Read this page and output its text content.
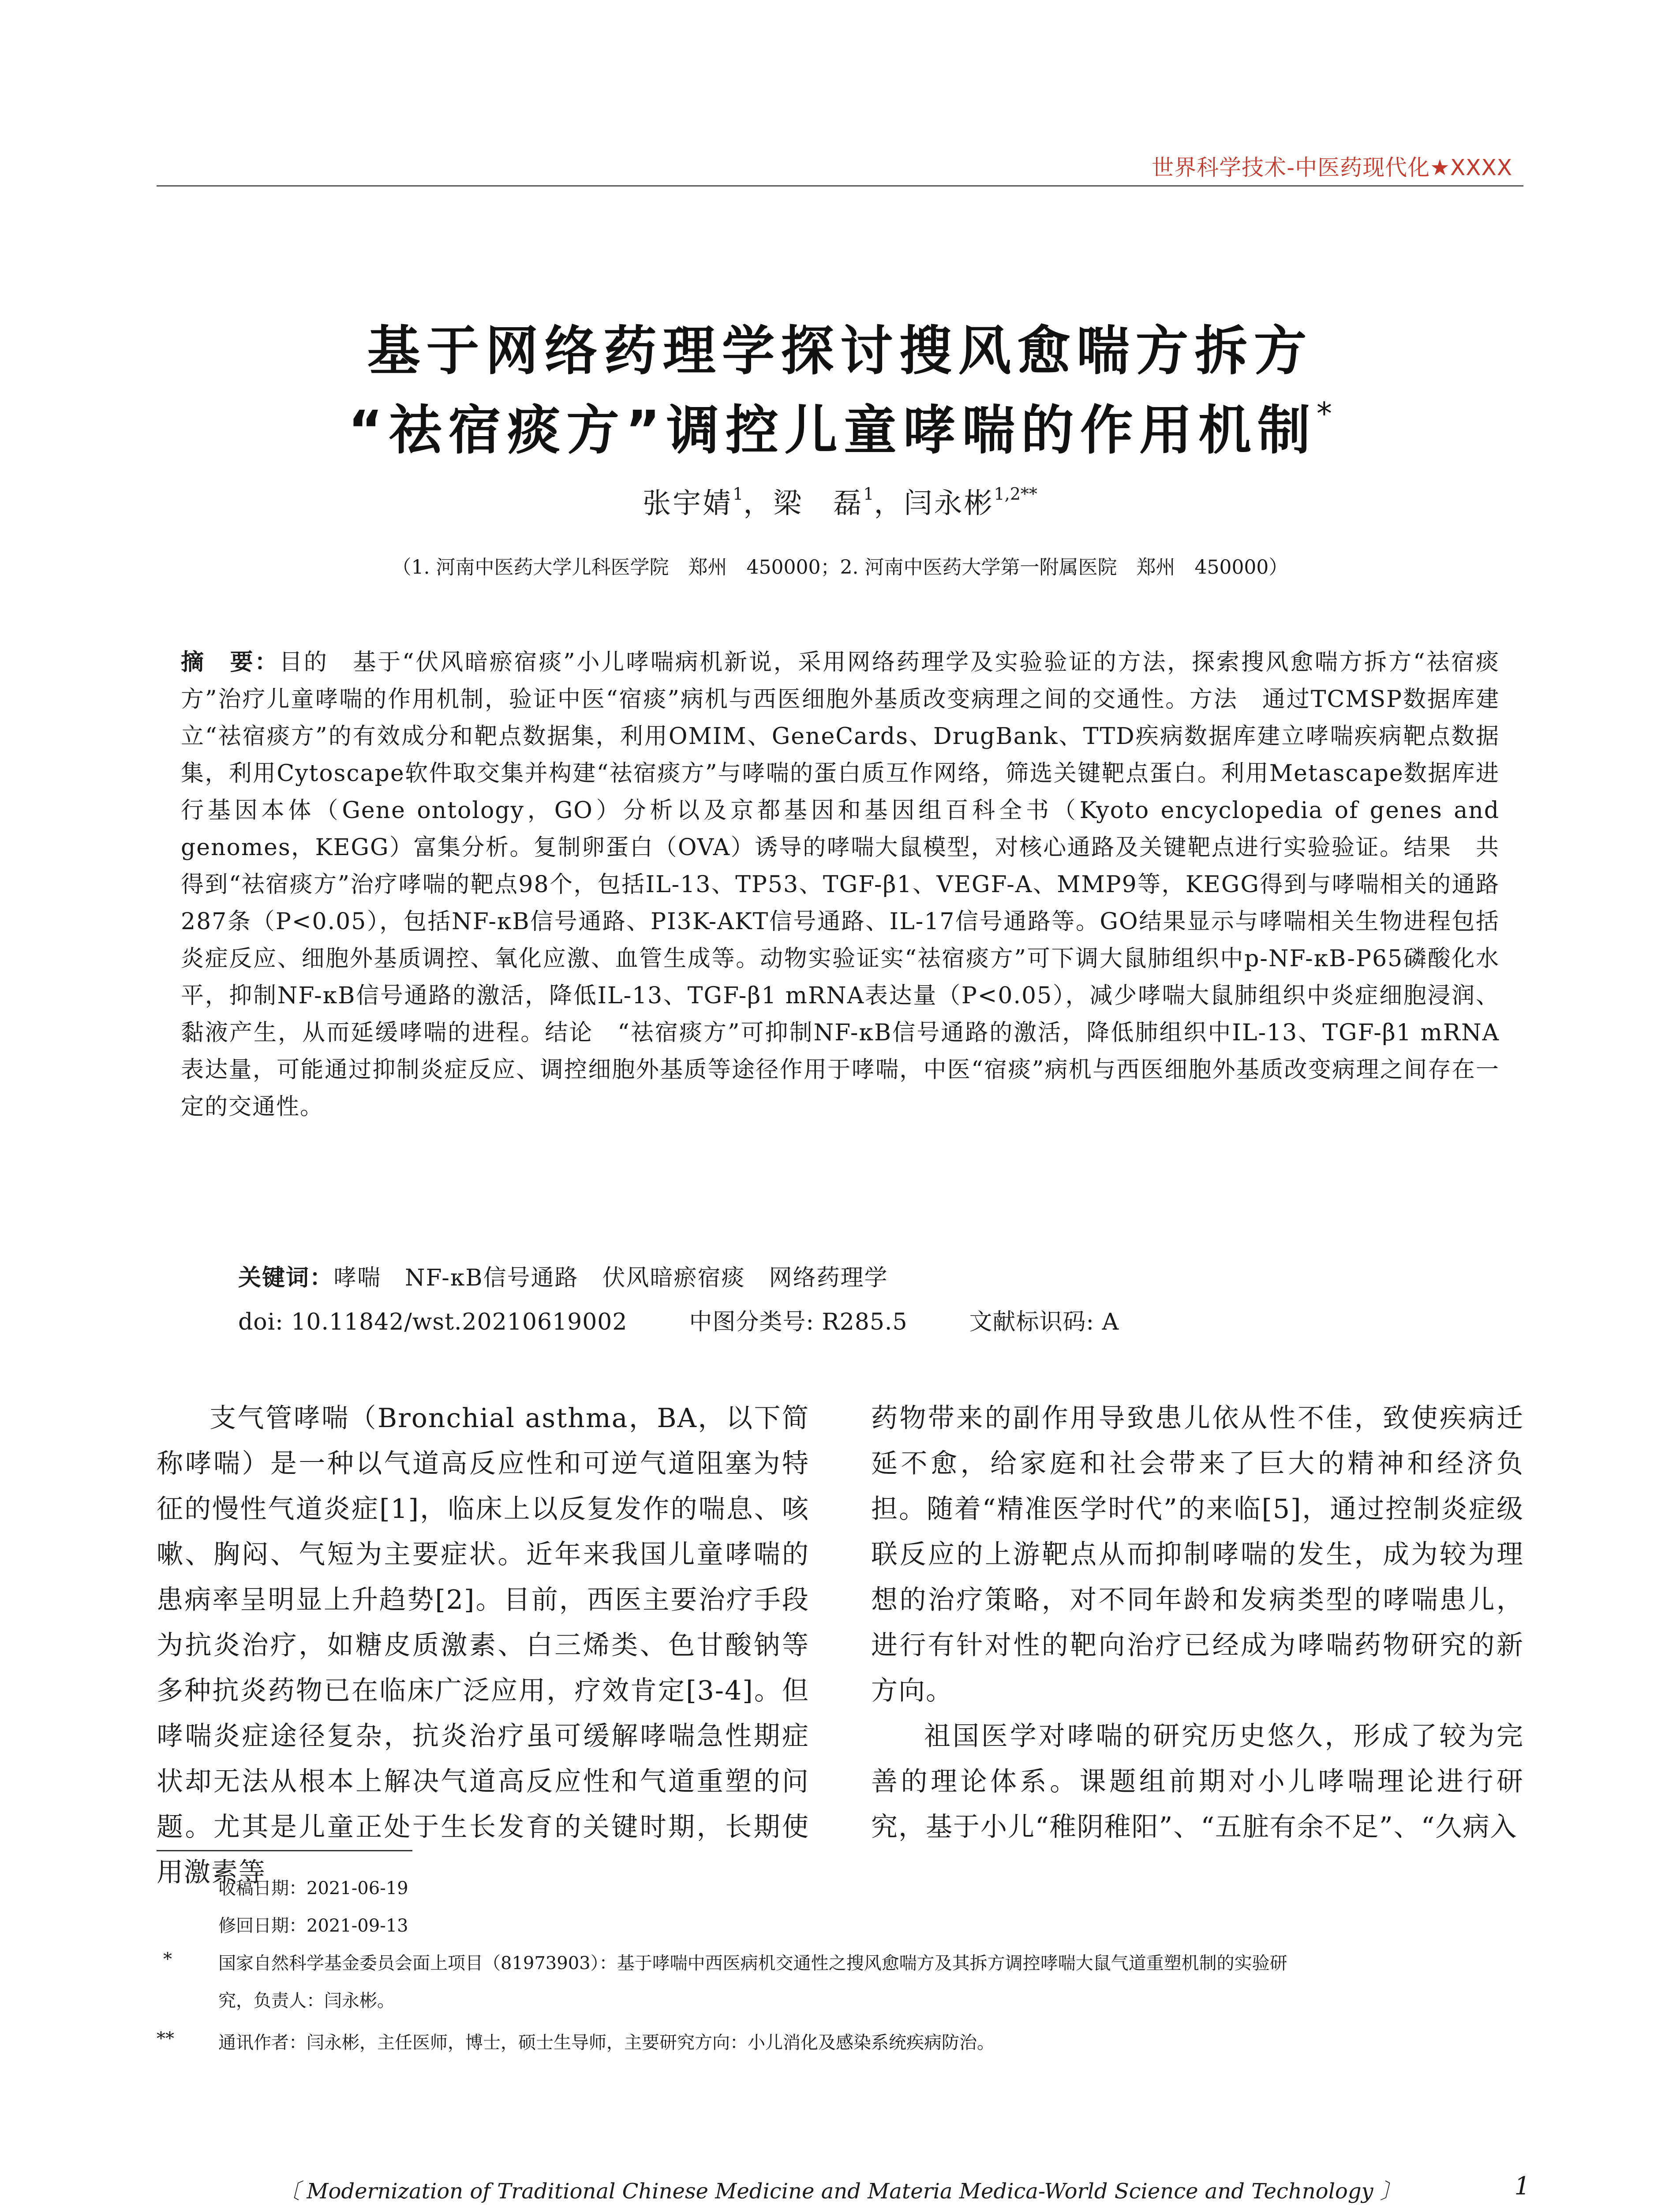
世界科学技术-中医药现代化★XXXX
基于网络药理学探讨搜风愈喘方拆方
“祛宿痰方”调控儿童哮喘的作用机制*
张宇婧$^1$，梁　磊$^1$，闫永彬$^{1,2**}$
（1. 河南中医药大学儿科医学院　郑州　450000；2. 河南中医药大学第一附属医院　郑州　450000）
摘　要：目的　基于“伏风暗瘀宿痰”小儿哮喘病机新说，采用网络药理学及实验验证的方法，探索搜风愈喘方拆方“祛宿痰方”治疗儿童哮喘的作用机制，验证中医“宿痰”病机与西医细胞外基质改变病理之间的交通性。方法　通过TCMSP数据库建立“祛宿痰方”的有效成分和靶点数据集，利用OMIM、GeneCards、DrugBank、TTD疾病数据库建立哮喘疾病靶点数据集，利用Cytoscape软件取交集并构建“祛宿痰方”与哮喘的蛋白质互作网络，筛选关键靶点蛋白。利用Metascape数据库进行基因本体（Gene ontology，GO）分析以及京都基因和基因组百科全书（Kyoto encyclopedia of genes and genomes，KEGG）富集分析。复制卵蛋白（OVA）诱导的哮喘大鼠模型，对核心通路及关键靶点进行实验验证。结果　共得到“祛宿痰方”治疗哮喘的靶点98个，包括IL-13、TP53、TGF-β1、VEGF-A、MMP9等，KEGG得到与哮喘相关的通路287条（P<0.05），包括NF-κB信号通路、PI3K-AKT信号通路、IL-17信号通路等。GO结果显示与哮喘相关生物进程包括炎症反应、细胞外基质调控、氧化应激、血管生成等。动物实验证实“祛宿痰方”可下调大鼠肺组织中p-NF-κB-P65磷酸化水平，抑制NF-κB信号通路的激活，降低IL-13、TGF-β1 mRNA表达量（P<0.05），减少哮喘大鼠肺组织中炎症细胞浸润、黏液产生，从而延缓哮喘的进程。结论　“祛宿痰方”可抑制NF-κB信号通路的激活，降低肺组织中IL-13、TGF-β1 mRNA表达量，可能通过抑制炎症反应、调控细胞外基质等途径作用于哮喘，中医“宿痰”病机与西医细胞外基质改变病理之间存在一定的交通性。
关键词：哮喘　NF-κB信号通路　伏风暗瘀宿痰　网络药理学
doi: 10.11842/wst.20210619002	中图分类号: R285.5	文献标识码: A

支气管哮喘（Bronchial asthma，BA，以下简称哮喘）是一种以气道高反应性和可逆气道阻塞为特征的慢性气道炎症[1]，临床上以反复发作的喘息、咳嗽、胸闷、气短为主要症状。近年来我国儿童哮喘的患病率呈明显上升趋势[2]。目前，西医主要治疗手段为抗炎治疗，如糖皮质激素、白三烯类、色甘酸钠等多种抗炎药物已在临床广泛应用，疗效肯定[3-4]。但哮喘炎症途径复杂，抗炎治疗虽可缓解哮喘急性期症状却无法从根本上解决气道高反应性和气道重塑的问题。尤其是儿童正处于生长发育的关键时期，长期使用激素等

药物带来的副作用导致患儿依从性不佳，致使疾病迁延不愈，给家庭和社会带来了巨大的精神和经济负担。随着“精准医学时代”的来临[5]，通过控制炎症级联反应的上游靶点从而抑制哮喘的发生，成为较为理想的治疗策略，对不同年龄和发病类型的哮喘患儿，进行有针对性的靶向治疗已经成为哮喘药物研究的新方向。

祖国医学对哮喘的研究历史悠久，形成了较为完善的理论体系。课题组前期对小儿哮喘理论进行研究，基于小儿“稚阴稚阳”、“五脏有余不足”、“久病入

收稿日期：2021-06-19
修回日期：2021-09-13
*	国家自然科学基金委员会面上项目（81973903）：基于哮喘中西医病机交通性之搜风愈喘方及其拆方调控哮喘大鼠气道重塑机制的实验研
究，负责人：闫永彬。
**	通讯作者：闫永彬，主任医师，博士，硕士生导师，主要研究方向：小儿消化及感染系统疾病防治。
〔 Modernization of Traditional Chinese Medicine and Materia Medica-World Science and Technology 〕	1
